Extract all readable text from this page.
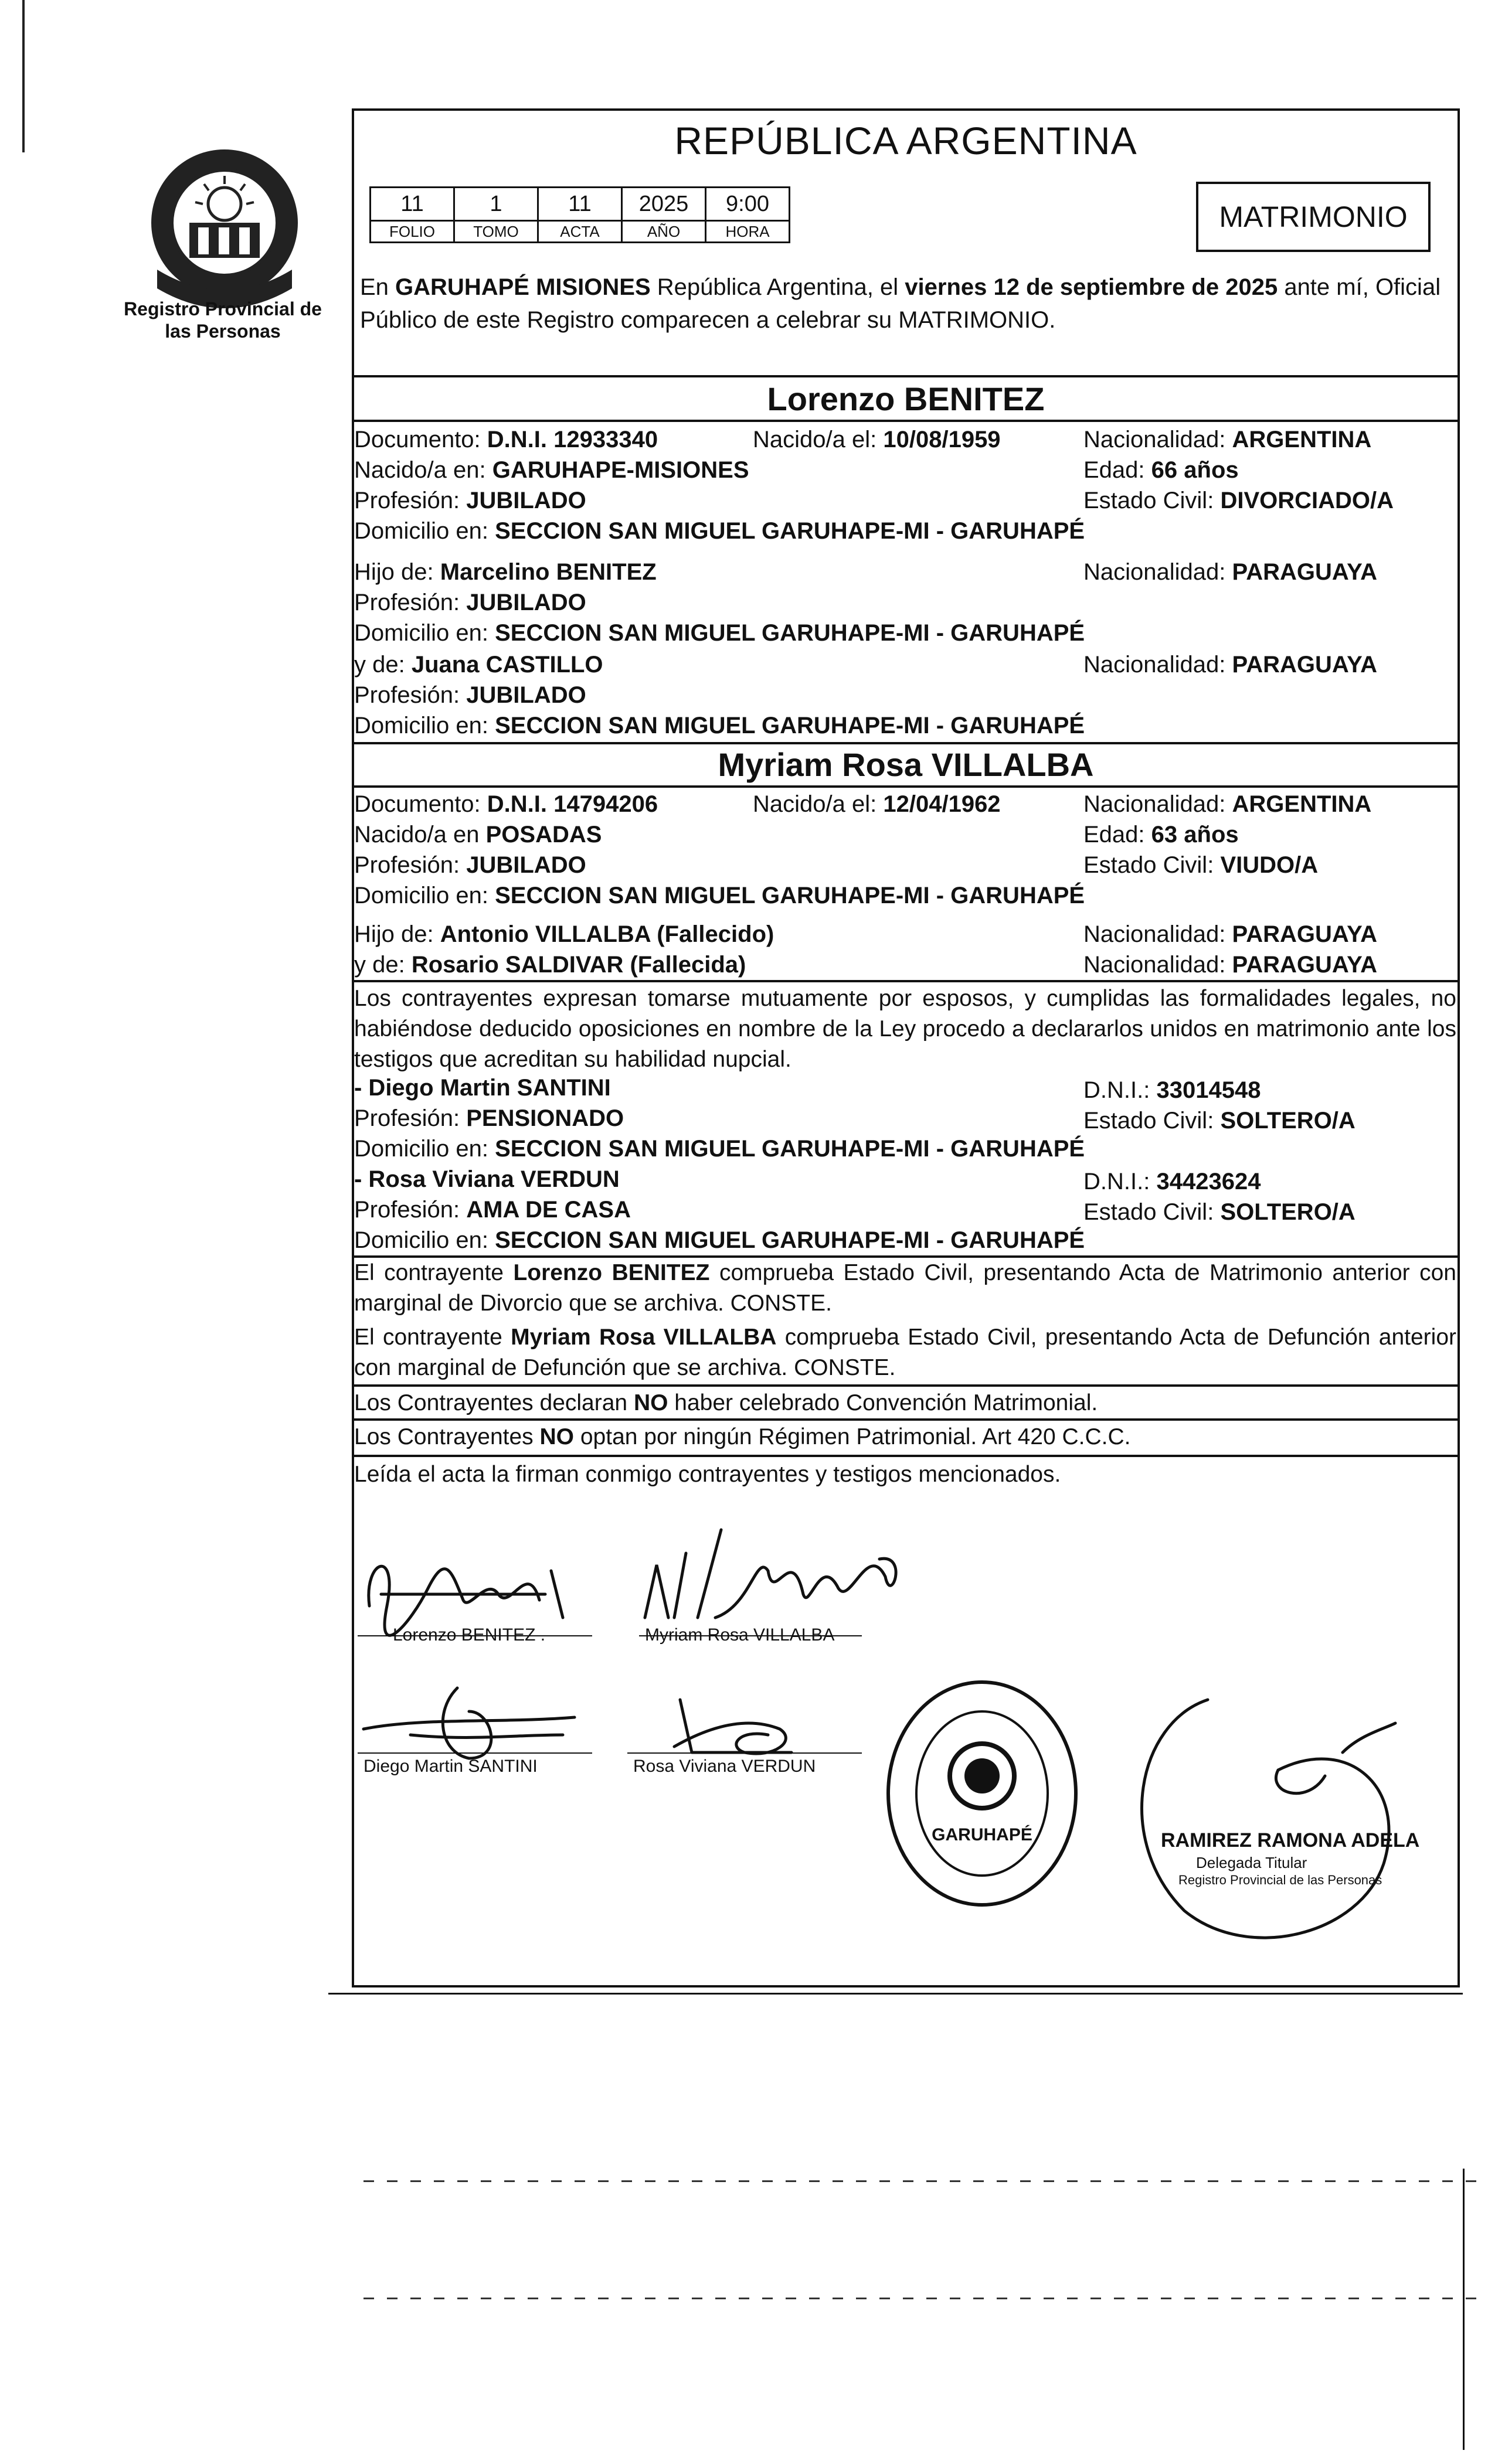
Registro Provincial de las Personas
REPÚBLICA ARGENTINA
11	1	11	2025	9:00
FOLIO	TOMO	ACTA	AÑO	HORA	MATRIMONIO
En GARUHAPÉ MISIONES República Argentina, el viernes 12 de septiembre de 2025 ante mí, Oficial Público de este Registro comparecen a celebrar su MATRIMONIO.
Lorenzo BENITEZ
Documento: D.N.I. 12933340	Nacido/a el: 10/08/1959	Nacionalidad: ARGENTINA
Nacido/a en: GARUHAPE-MISIONES	Edad: 66 años
Profesión: JUBILADO	Estado Civil: DIVORCIADO/A
Domicilio en: SECCION SAN MIGUEL GARUHAPE-MI - GARUHAPÉ
Hijo de: Marcelino BENITEZ	Nacionalidad: PARAGUAYA
Profesión: JUBILADO
Domicilio en: SECCION SAN MIGUEL GARUHAPE-MI - GARUHAPÉ
y de: Juana CASTILLO	Nacionalidad: PARAGUAYA
Profesión: JUBILADO
Domicilio en: SECCION SAN MIGUEL GARUHAPE-MI - GARUHAPÉ
Myriam Rosa VILLALBA
Documento: D.N.I. 14794206	Nacido/a el: 12/04/1962	Nacionalidad: ARGENTINA
Nacido/a en POSADAS	Edad: 63 años
Profesión: JUBILADO	Estado Civil: VIUDO/A
Domicilio en: SECCION SAN MIGUEL GARUHAPE-MI - GARUHAPÉ
Hijo de: Antonio VILLALBA (Fallecido)	Nacionalidad: PARAGUAYA
y de: Rosario SALDIVAR (Fallecida)	Nacionalidad: PARAGUAYA
Los contrayentes expresan tomarse mutuamente por esposos, y cumplidas las formalidades legales, no habiéndose deducido oposiciones en nombre de la Ley procedo a declararlos unidos en matrimonio ante los testigos que acreditan su habilidad nupcial.
- Diego Martin SANTINI	D.N.I.: 33014548
Profesión: PENSIONADO	Estado Civil: SOLTERO/A
Domicilio en: SECCION SAN MIGUEL GARUHAPE-MI - GARUHAPÉ
- Rosa Viviana VERDUN	D.N.I.: 34423624
Profesión: AMA DE CASA	Estado Civil: SOLTERO/A
Domicilio en: SECCION SAN MIGUEL GARUHAPE-MI - GARUHAPÉ
El contrayente Lorenzo BENITEZ comprueba Estado Civil, presentando Acta de Matrimonio anterior con marginal de Divorcio que se archiva. CONSTE.
El contrayente Myriam Rosa VILLALBA comprueba Estado Civil, presentando Acta de Defunción anterior con marginal de Defunción que se archiva. CONSTE.
Los Contrayentes declaran NO haber celebrado Convención Matrimonial.
Los Contrayentes NO optan por ningún Régimen Patrimonial. Art 420 C.C.C.
Leída el acta la firman conmigo contrayentes y testigos mencionados.
Lorenzo BENITEZ .	Myriam Rosa VILLALBA
Diego Martin SANTINI	Rosa Viviana VERDUN
GARUHAPÉ	RAMIREZ RAMONA ADELA
Delegada Titular
Registro Provincial de las Personas
